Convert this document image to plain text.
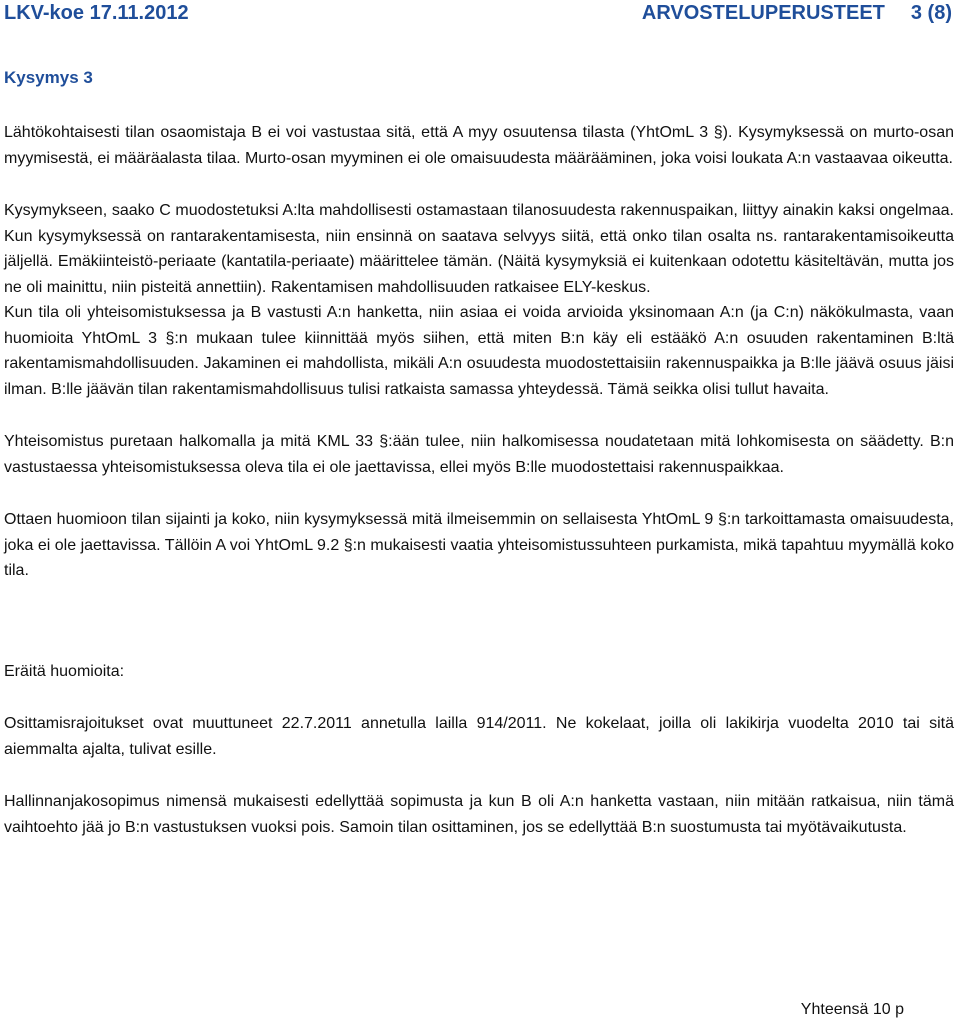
LKV-koe 17.11.2012	ARVOSTELUPERUSTEET 3 (8)
Kysymys 3

Lähtökohtaisesti tilan osaomistaja B ei voi vastustaa sitä, että A myy osuutensa tilasta (YhtOmL 3 §). Kysymyksessä on murto-osan myymisestä, ei määräalasta tilaa. Murto-osan myyminen ei ole omaisuudesta määrääminen, joka voisi loukata A:n vastaavaa oikeutta.

Kysymykseen, saako C muodostetuksi A:lta mahdollisesti ostamastaan tilanosuudesta rakennuspaikan, liittyy ainakin kaksi ongelmaa. Kun kysymyksessä on rantarakentamisesta, niin ensinnä on saatava selvyys siitä, että onko tilan osalta ns. rantarakentamisoikeutta jäljellä. Emäkiinteistö-periaate (kantatila-periaate) määrittelee tämän. (Näitä kysymyksiä ei kuitenkaan odotettu käsiteltävän, mutta jos ne oli mainittu, niin pisteitä annettiin). Rakentamisen mahdollisuuden ratkaisee ELY-keskus.

Kun tila oli yhteisomistuksessa ja B vastusti A:n hanketta, niin asiaa ei voida arvioida yksinomaan A:n (ja C:n) näkökulmasta, vaan huomioita YhtOmL 3 §:n mukaan tulee kiinnittää myös siihen, että miten B:n käy eli estääkö A:n osuuden rakentaminen B:ltä rakentamismahdollisuuden. Jakaminen ei mahdollista, mikäli A:n osuudesta muodostettaisiin rakennuspaikka ja B:lle jäävä osuus jäisi ilman. B:lle jäävän tilan rakentamismahdollisuus tulisi ratkaista samassa yhteydessä. Tämä seikka olisi tullut havaita.

Yhteisomistus puretaan halkomalla ja mitä KML 33 §:ään tulee, niin halkomisessa noudatetaan mitä lohkomisesta on säädetty. B:n vastustaessa yhteisomistuksessa oleva tila ei ole jaettavissa, ellei myös B:lle muodostettaisi rakennuspaikkaa.

Ottaen huomioon tilan sijainti ja koko, niin kysymyksessä mitä ilmeisemmin on sellaisesta YhtOmL 9 §:n tarkoittamasta omaisuudesta, joka ei ole jaettavissa. Tällöin A voi YhtOmL 9.2 §:n mukaisesti vaatia yhteisomistussuhteen purkamista, mikä tapahtuu myymällä koko tila.

Eräitä huomioita:

Osittamisrajoitukset ovat muuttuneet 22.7.2011 annetulla lailla 914/2011. Ne kokelaat, joilla oli lakikirja vuodelta 2010 tai sitä aiemmalta ajalta, tulivat esille.

Hallinnanjakosopimus nimensä mukaisesti edellyttää sopimusta ja kun B oli A:n hanketta vastaan, niin mitään ratkaisua, niin tämä vaihtoehto jää jo B:n vastustuksen vuoksi pois. Samoin tilan osittaminen, jos se edellyttää B:n suostumusta tai myötävaikutusta.

Yhteensä 10 p
